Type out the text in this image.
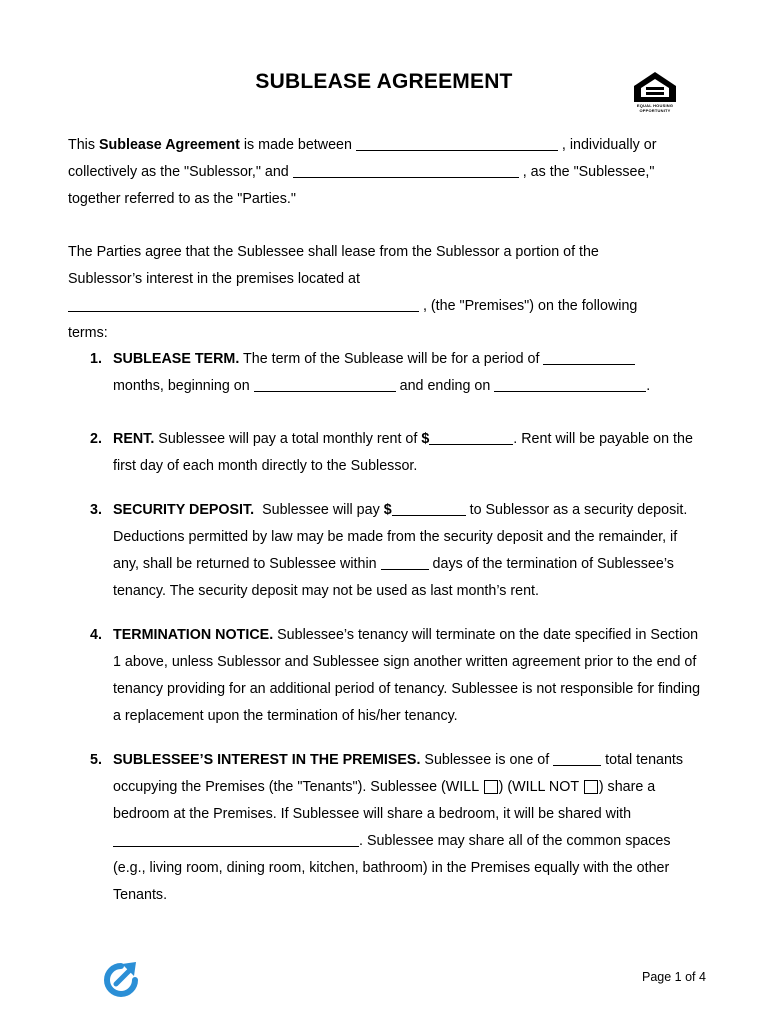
SUBLEASE AGREEMENT
EQUAL HOUSING
OPPORTUNITY
This Sublease Agreement is made between	, individually or collectively as the "Sublessor," and	, as the "Sublessee," together referred to as the "Parties."
The Parties agree that the Sublessee shall lease from the Sublessor a portion of the Sublessor’s interest in the premises located at  , (the "Premises") on the following terms:
1. SUBLEASE TERM. The term of the Sublease will be for a period of  months, beginning on	and ending on	.
2. RENT. Sublessee will pay a total monthly rent of $	. Rent will be payable on the first day of each month directly to the Sublessor.
3. SECURITY DEPOSIT.  Sublessee will pay $	to Sublessor as a security deposit. Deductions permitted by law may be made from the security deposit and the remainder, if any, shall be returned to Sublessee within	days of the termination of Sublessee’s tenancy. The security deposit may not be used as last month’s rent.
4. TERMINATION NOTICE. Sublessee’s tenancy will terminate on the date specified in Section 1 above, unless Sublessor and Sublessee sign another written agreement prior to the end of tenancy providing for an additional period of tenancy. Sublessee is not responsible for finding a replacement upon the termination of his/her tenancy.
5. SUBLESSEE’S INTEREST IN THE PREMISES. Sublessee is one of	total tenants occupying the Premises (the "Tenants"). Sublessee (WILL ) (WILL NOT ) share a bedroom at the Premises. If Sublessee will share a bedroom, it will be shared with . Sublessee may share all of the common spaces (e.g., living room, dining room, kitchen, bathroom) in the Premises equally with the other Tenants.
Page 1 of 4
